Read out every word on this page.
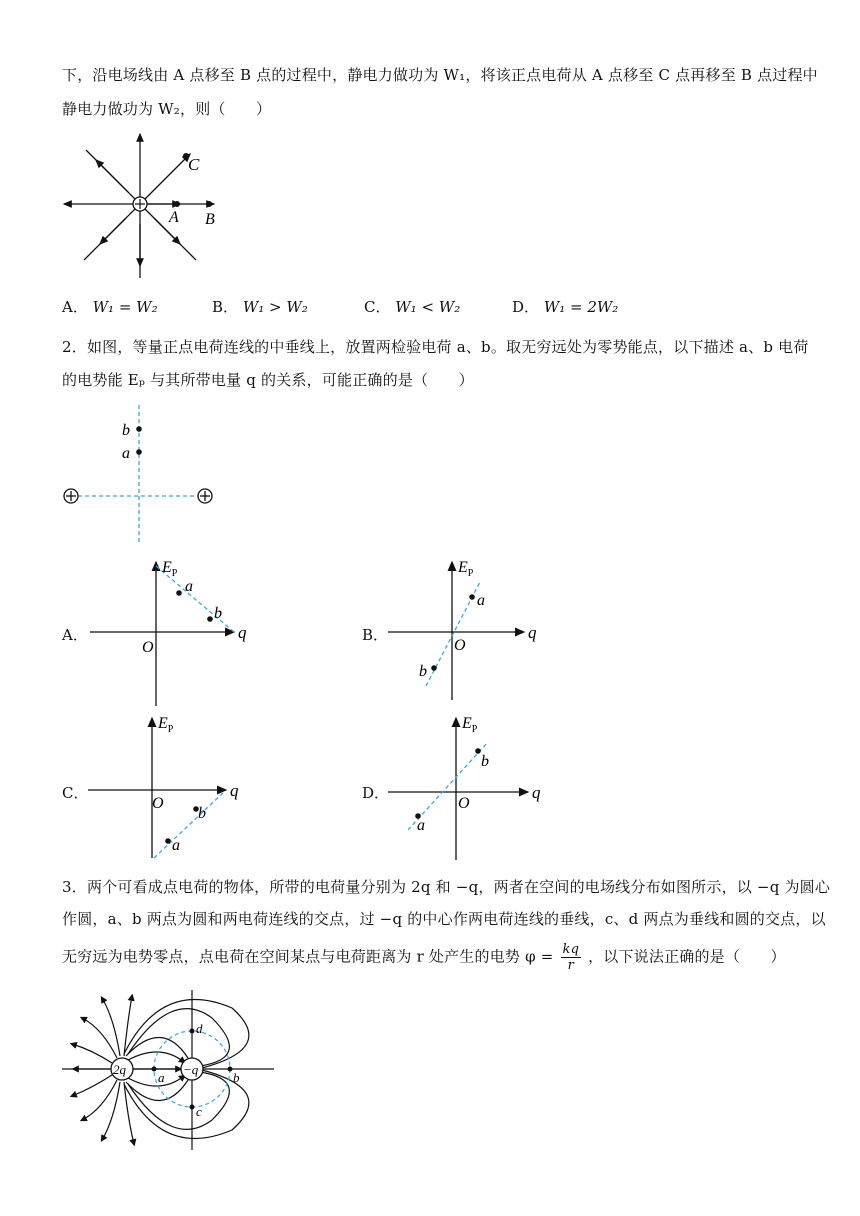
下，沿电场线由 A 点移至 B 点的过程中，静电力做功为 W₁，将该正点电荷从 A 点移至 C 点再移至 B 点过程中
静电力做功为 W₂，则（　　）
C
A B
A． W₁ = W₂	B． W₁ > W₂	C． W₁ < W₂	D． W₁ = 2W₂
2．如图，等量正点电荷连线的中垂线上，放置两检验电荷 a、b。取无穷远处为零势能点，以下描述 a、b 电荷
的电势能 Eₚ 与其所带电量 q 的关系，可能正确的是（　　）
b
a
A．	B．
C．	D．
$E_P$
a
b
q
O
$E_P$
a
b
q
O
$E_P$
b
a
q
O
$E_P$
b
a
q
O
3．两个可看成点电荷的物体，所带的电荷量分别为 2q 和 −q，两者在空间的电场线分布如图所示，以 −q 为圆心
作圆，a、b 两点为圆和两电荷连线的交点，过 −q 的中心作两电荷连线的垂线，c、d 两点为垂线和圆的交点，以
无穷远为电势零点，点电荷在空间某点与电荷距离为 r 处产生的电势 $\varphi = \frac{kq}{r}$ ，以下说法正确的是（　　）
2q	−q
a	b
d
c
